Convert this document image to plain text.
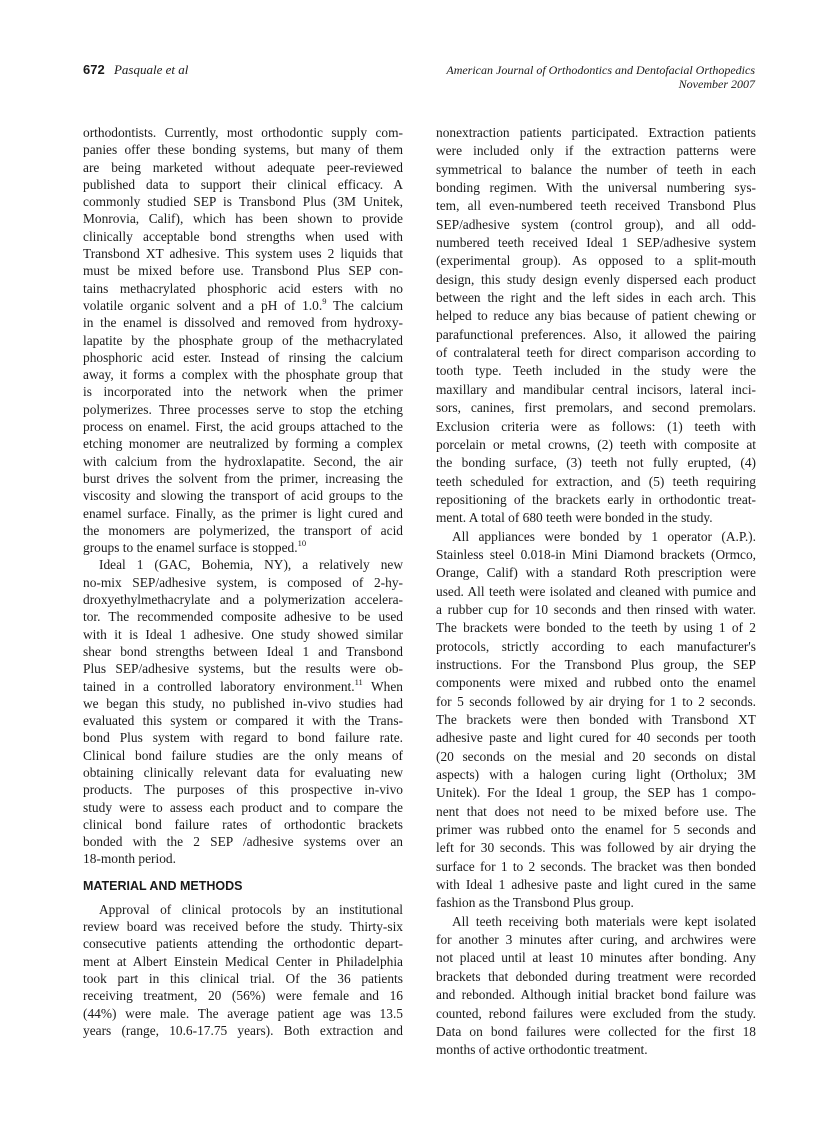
672 Pasquale et al	American Journal of Orthodontics and Dentofacial Orthopedics
November 2007
orthodontists. Currently, most orthodontic supply com-
panies offer these bonding systems, but many of them
are being marketed without adequate peer-reviewed
published data to support their clinical efficacy. A
commonly studied SEP is Transbond Plus (3M Unitek,
Monrovia, Calif), which has been shown to provide
clinically acceptable bond strengths when used with
Transbond XT adhesive. This system uses 2 liquids that
must be mixed before use. Transbond Plus SEP con-
tains methacrylated phosphoric acid esters with no
volatile organic solvent and a pH of 1.0.$^9$ The calcium
in the enamel is dissolved and removed from hydroxy-
lapatite by the phosphate group of the methacrylated
phosphoric acid ester. Instead of rinsing the calcium
away, it forms a complex with the phosphate group that
is incorporated into the network when the primer
polymerizes. Three processes serve to stop the etching
process on enamel. First, the acid groups attached to the
etching monomer are neutralized by forming a complex
with calcium from the hydroxlapatite. Second, the air
burst drives the solvent from the primer, increasing the
viscosity and slowing the transport of acid groups to the
enamel surface. Finally, as the primer is light cured and
the monomers are polymerized, the transport of acid
groups to the enamel surface is stopped.$^{10}$
Ideal 1 (GAC, Bohemia, NY), a relatively new
no-mix SEP/adhesive system, is composed of 2-hy-
droxyethylmethacrylate and a polymerization accelera-
tor. The recommended composite adhesive to be used
with it is Ideal 1 adhesive. One study showed similar
shear bond strengths between Ideal 1 and Transbond
Plus SEP/adhesive systems, but the results were ob-
tained in a controlled laboratory environment.$^{11}$ When
we began this study, no published in-vivo studies had
evaluated this system or compared it with the Trans-
bond Plus system with regard to bond failure rate.
Clinical bond failure studies are the only means of
obtaining clinically relevant data for evaluating new
products. The purposes of this prospective in-vivo
study were to assess each product and to compare the
clinical bond failure rates of orthodontic brackets
bonded with the 2 SEP /adhesive systems over an
18-month period.
MATERIAL AND METHODS
Approval of clinical protocols by an institutional
review board was received before the study. Thirty-six
consecutive patients attending the orthodontic depart-
ment at Albert Einstein Medical Center in Philadelphia
took part in this clinical trial. Of the 36 patients
receiving treatment, 20 (56%) were female and 16
(44%) were male. The average patient age was 13.5
years (range, 10.6-17.75 years). Both extraction and
nonextraction patients participated. Extraction patients
were included only if the extraction patterns were
symmetrical to balance the number of teeth in each
bonding regimen. With the universal numbering sys-
tem, all even-numbered teeth received Transbond Plus
SEP/adhesive system (control group), and all odd-
numbered teeth received Ideal 1 SEP/adhesive system
(experimental group). As opposed to a split-mouth
design, this study design evenly dispersed each product
between the right and the left sides in each arch. This
helped to reduce any bias because of patient chewing or
parafunctional preferences. Also, it allowed the pairing
of contralateral teeth for direct comparison according to
tooth type. Teeth included in the study were the
maxillary and mandibular central incisors, lateral inci-
sors, canines, first premolars, and second premolars.
Exclusion criteria were as follows: (1) teeth with
porcelain or metal crowns, (2) teeth with composite at
the bonding surface, (3) teeth not fully erupted, (4)
teeth scheduled for extraction, and (5) teeth requiring
repositioning of the brackets early in orthodontic treat-
ment. A total of 680 teeth were bonded in the study.
All appliances were bonded by 1 operator (A.P.).
Stainless steel 0.018-in Mini Diamond brackets (Ormco,
Orange, Calif) with a standard Roth prescription were
used. All teeth were isolated and cleaned with pumice and
a rubber cup for 10 seconds and then rinsed with water.
The brackets were bonded to the teeth by using 1 of 2
protocols, strictly according to each manufacturer's
instructions. For the Transbond Plus group, the SEP
components were mixed and rubbed onto the enamel
for 5 seconds followed by air drying for 1 to 2 seconds.
The brackets were then bonded with Transbond XT
adhesive paste and light cured for 40 seconds per tooth
(20 seconds on the mesial and 20 seconds on distal
aspects) with a halogen curing light (Ortholux; 3M
Unitek). For the Ideal 1 group, the SEP has 1 compo-
nent that does not need to be mixed before use. The
primer was rubbed onto the enamel for 5 seconds and
left for 30 seconds. This was followed by air drying the
surface for 1 to 2 seconds. The bracket was then bonded
with Ideal 1 adhesive paste and light cured in the same
fashion as the Transbond Plus group.
All teeth receiving both materials were kept isolated
for another 3 minutes after curing, and archwires were
not placed until at least 10 minutes after bonding. Any
brackets that debonded during treatment were recorded
and rebonded. Although initial bracket bond failure was
counted, rebond failures were excluded from the study.
Data on bond failures were collected for the first 18
months of active orthodontic treatment.
